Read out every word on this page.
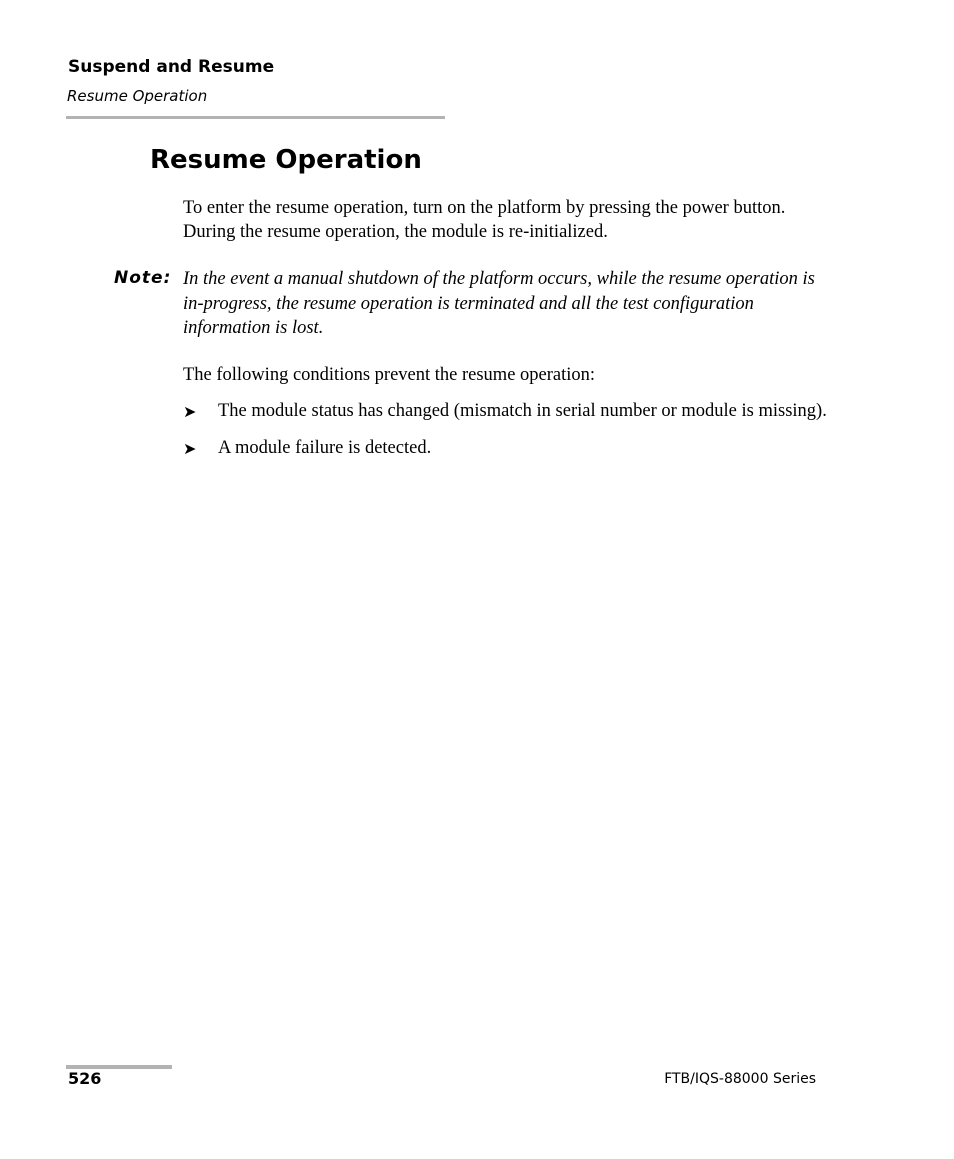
Suspend and Resume
Resume Operation
Resume Operation

To enter the resume operation, turn on the platform by pressing the power button. During the resume operation, the module is re-initialized.

Note: In the event a manual shutdown of the platform occurs, while the resume operation is in-progress, the resume operation is terminated and all the test configuration information is lost.

The following conditions prevent the resume operation:

➤ The module status has changed (mismatch in serial number or module is missing).
➤ A module failure is detected.
526	FTB/IQS-88000 Series
